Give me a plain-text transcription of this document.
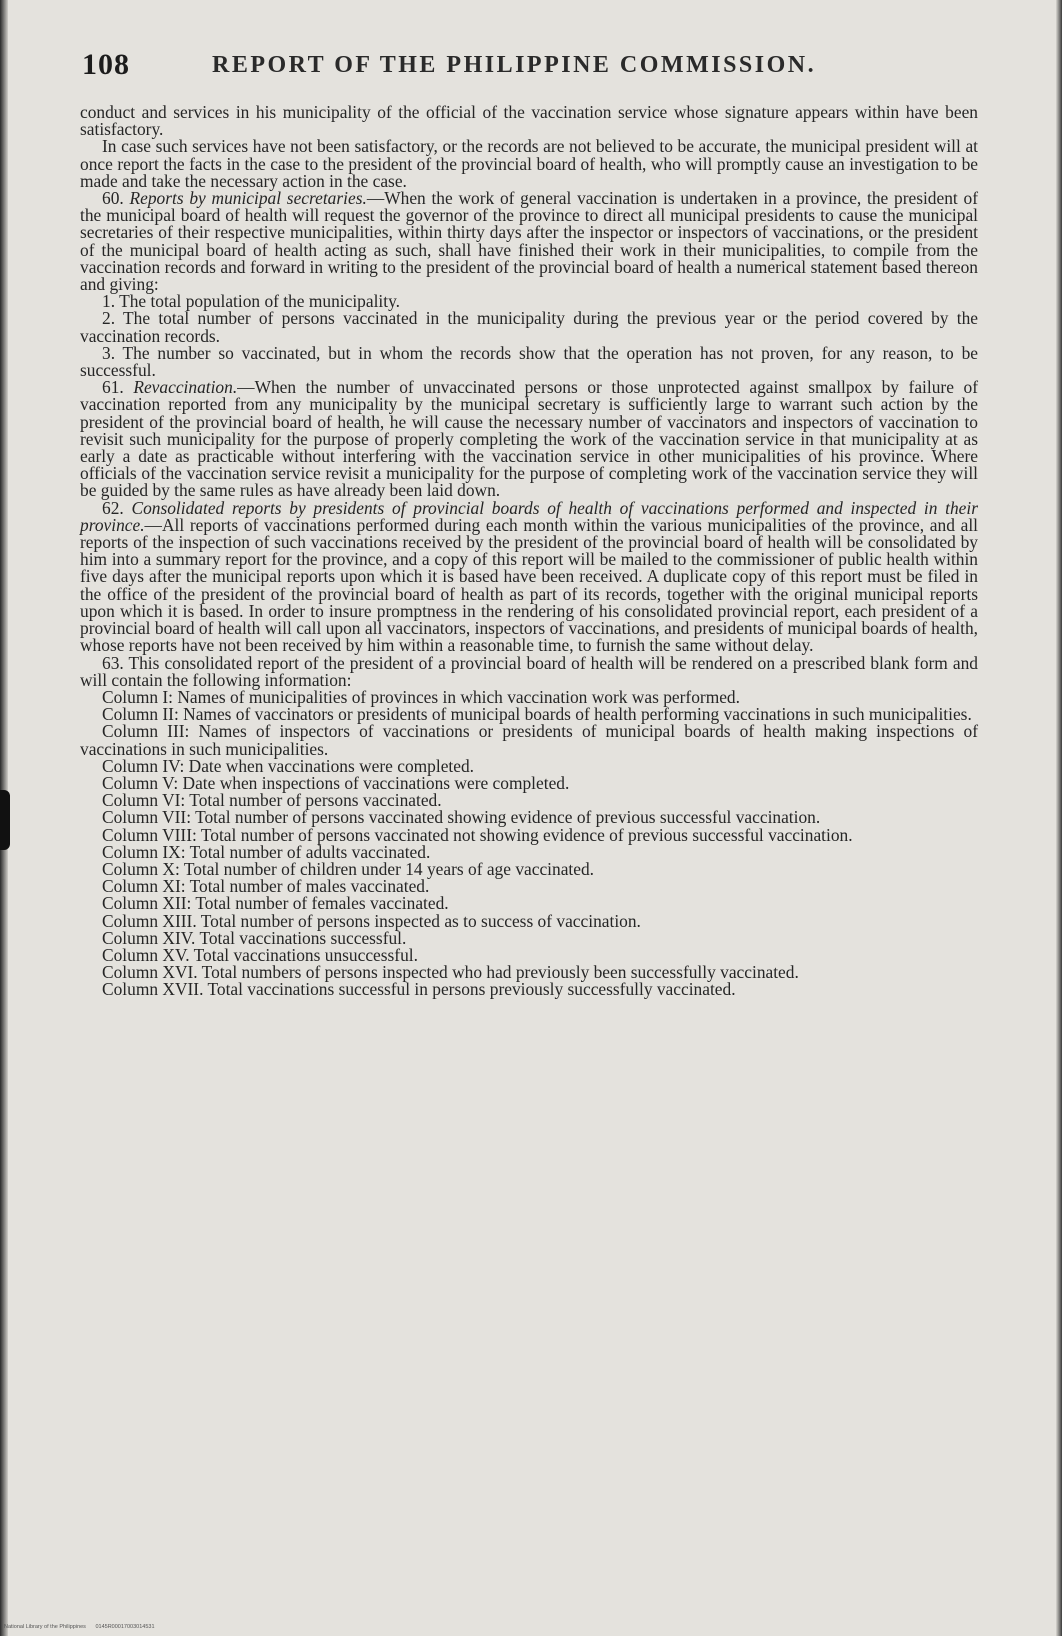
108	REPORT OF THE PHILIPPINE COMMISSION.

conduct and services in his municipality of the official of the vaccination service whose signature appears within have been satisfactory.

In case such services have not been satisfactory, or the records are not believed to be accurate, the municipal president will at once report the facts in the case to the president of the provincial board of health, who will promptly cause an investigation to be made and take the necessary action in the case.

60. Reports by municipal secretaries.—When the work of general vaccination is undertaken in a province, the president of the municipal board of health will request the governor of the province to direct all municipal presidents to cause the municipal secretaries of their respective municipalities, within thirty days after the inspector or inspectors of vaccinations, or the president of the municipal board of health acting as such, shall have finished their work in their municipalities, to compile from the vaccination records and forward in writing to the president of the provincial board of health a numerical statement based thereon and giving:

1. The total population of the municipality.

2. The total number of persons vaccinated in the municipality during the previous year or the period covered by the vaccination records.

3. The number so vaccinated, but in whom the records show that the operation has not proven, for any reason, to be successful.

61. Revaccination.—When the number of unvaccinated persons or those unprotected against smallpox by failure of vaccination reported from any municipality by the municipal secretary is sufficiently large to warrant such action by the president of the provincial board of health, he will cause the necessary number of vaccinators and inspectors of vaccination to revisit such municipality for the purpose of properly completing the work of the vaccination service in that municipality at as early a date as practicable without interfering with the vaccination service in other municipalities of his province. Where officials of the vaccination service revisit a municipality for the purpose of completing work of the vaccination service they will be guided by the same rules as have already been laid down.

62. Consolidated reports by presidents of provincial boards of health of vaccinations performed and inspected in their province.—All reports of vaccinations performed during each month within the various municipalities of the province, and all reports of the inspection of such vaccinations received by the president of the provincial board of health will be consolidated by him into a summary report for the province, and a copy of this report will be mailed to the commissioner of public health within five days after the municipal reports upon which it is based have been received. A duplicate copy of this report must be filed in the office of the president of the provincial board of health as part of its records, together with the original municipal reports upon which it is based. In order to insure promptness in the rendering of his consolidated provincial report, each president of a provincial board of health will call upon all vaccinators, inspectors of vaccinations, and presidents of municipal boards of health, whose reports have not been received by him within a reasonable time, to furnish the same without delay.

63. This consolidated report of the president of a provincial board of health will be rendered on a prescribed blank form and will contain the following information:

Column I: Names of municipalities of provinces in which vaccination work was performed.

Column II: Names of vaccinators or presidents of municipal boards of health performing vaccinations in such municipalities.

Column III: Names of inspectors of vaccinations or presidents of municipal boards of health making inspections of vaccinations in such municipalities.

Column IV: Date when vaccinations were completed.

Column V: Date when inspections of vaccinations were completed.

Column VI: Total number of persons vaccinated.

Column VII: Total number of persons vaccinated showing evidence of previous successful vaccination.

Column VIII: Total number of persons vaccinated not showing evidence of previous successful vaccination.

Column IX: Total number of adults vaccinated.

Column X: Total number of children under 14 years of age vaccinated.

Column XI: Total number of males vaccinated.

Column XII: Total number of females vaccinated.

Column XIII. Total number of persons inspected as to success of vaccination.

Column XIV. Total vaccinations successful.

Column XV. Total vaccinations unsuccessful.

Column XVI. Total numbers of persons inspected who had previously been successfully vaccinated.

Column XVII. Total vaccinations successful in persons previously successfully vaccinated.

National Library of the Philippines 0145R00017003014531
